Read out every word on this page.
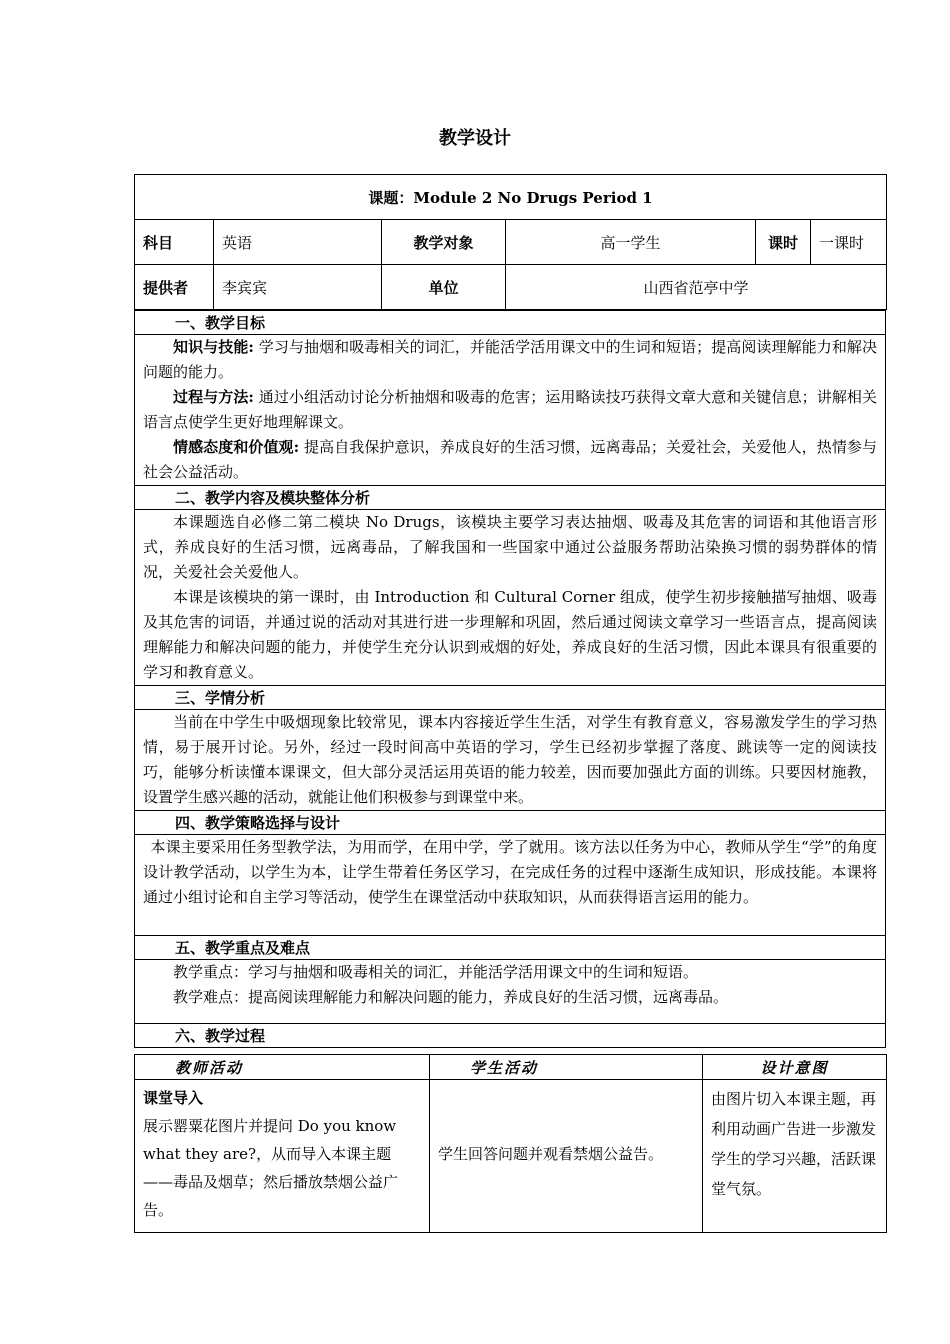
教学设计
课题：Module 2 No Drugs Period 1					
科目	英语	教学对象	高一学生	课时	一课时
提供者	李宾宾	单位	山西省范亭中学		
一、教学目标

知识与技能: 学习与抽烟和吸毒相关的词汇，并能活学活用课文中的生词和短语；提高阅读理解能力和解决问题的能力。

过程与方法: 通过小组活动讨论分析抽烟和吸毒的危害；运用略读技巧获得文章大意和关键信息；讲解相关语言点使学生更好地理解课文。

情感态度和价值观: 提高自我保护意识，养成良好的生活习惯，远离毒品；关爱社会，关爱他人，热情参与社会公益活动。

二、教学内容及模块整体分析

本课题选自必修二第二模块 No Drugs，该模块主要学习表达抽烟、吸毒及其危害的词语和其他语言形式，养成良好的生活习惯，远离毒品，了解我国和一些国家中通过公益服务帮助沾染换习惯的弱势群体的情况，关爱社会关爱他人。

本课是该模块的第一课时，由 Introduction 和 Cultural Corner 组成，使学生初步接触描写抽烟、吸毒及其危害的词语，并通过说的活动对其进行进一步理解和巩固，然后通过阅读文章学习一些语言点，提高阅读理解能力和解决问题的能力，并使学生充分认识到戒烟的好处，养成良好的生活习惯，因此本课具有很重要的学习和教育意义。

三、学情分析

当前在中学生中吸烟现象比较常见，课本内容接近学生生活，对学生有教育意义，容易激发学生的学习热情，易于展开讨论。另外，经过一段时间高中英语的学习，学生已经初步掌握了落度、跳读等一定的阅读技巧，能够分析读懂本课课文，但大部分灵活运用英语的能力较差，因而要加强此方面的训练。只要因材施教，设置学生感兴趣的活动，就能让他们积极参与到课堂中来。

四、教学策略选择与设计

本课主要采用任务型教学法，为用而学，在用中学，学了就用。该方法以任务为中心，教师从学生“学”的角度设计教学活动，以学生为本，让学生带着任务区学习，在完成任务的过程中逐渐生成知识，形成技能。本课将通过小组讨论和自主学习等活动，使学生在课堂活动中获取知识，从而获得语言运用的能力。

五、教学重点及难点

教学重点：学习与抽烟和吸毒相关的词汇，并能活学活用课文中的生词和短语。

教学难点：提高阅读理解能力和解决问题的能力，养成良好的生活习惯，远离毒品。

六、教学过程
教师活动	学生活动	设计意图

课堂导入
展示罂粟花图片并提问 Do you know what they are?，从而导入本课主题——毒品及烟草；然后播放禁烟公益广告。	学生回答问题并观看禁烟公益告。	由图片切入本课主题，再利用动画广告进一步激发学生的学习兴趣，活跃课堂气氛。
